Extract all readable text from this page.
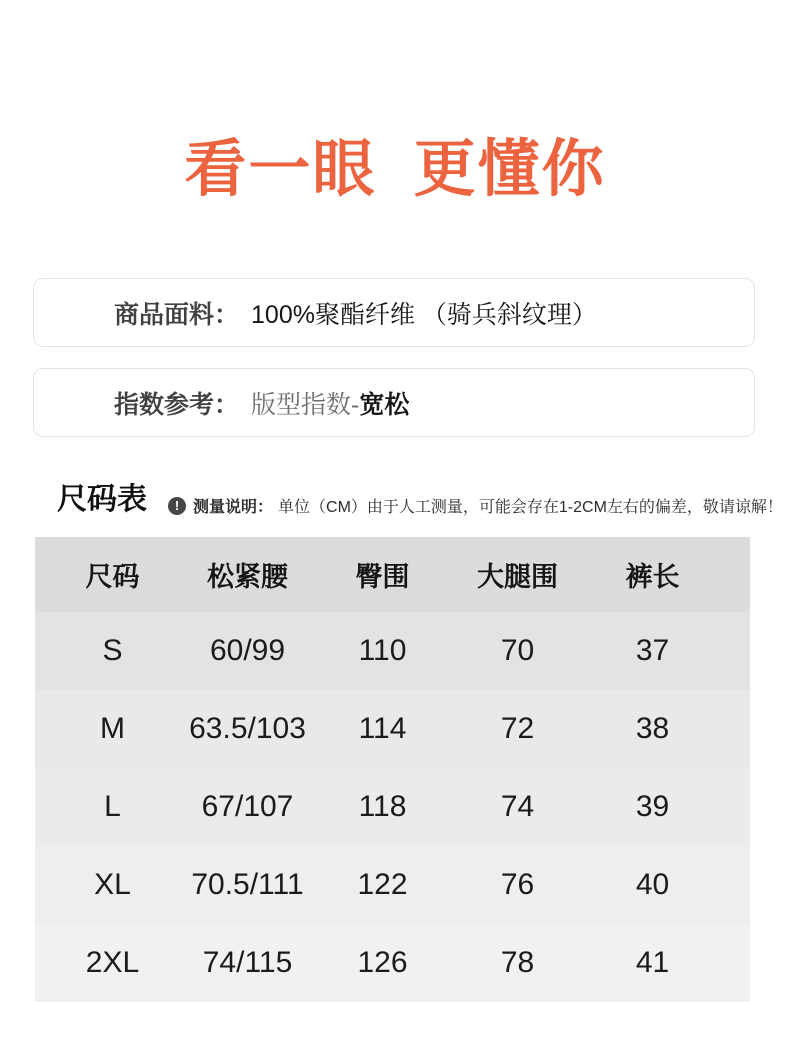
看一眼 更懂你
商品面料： 100%聚酯纤维 （骑兵斜纹理）
指数参考： 版型指数- 宽松
尺码表	! 测量说明： 单位（CM）由于人工测量，可能会存在1-2CM左右的偏差，敬请谅解！
尺码	松紧腰	臀围	大腿围	裤长
S	60/99	110	70	37
M	63.5/103	114	72	38
L	67/107	118	74	39
XL	70.5/111	122	76	40
2XL	74/115	126	78	41
